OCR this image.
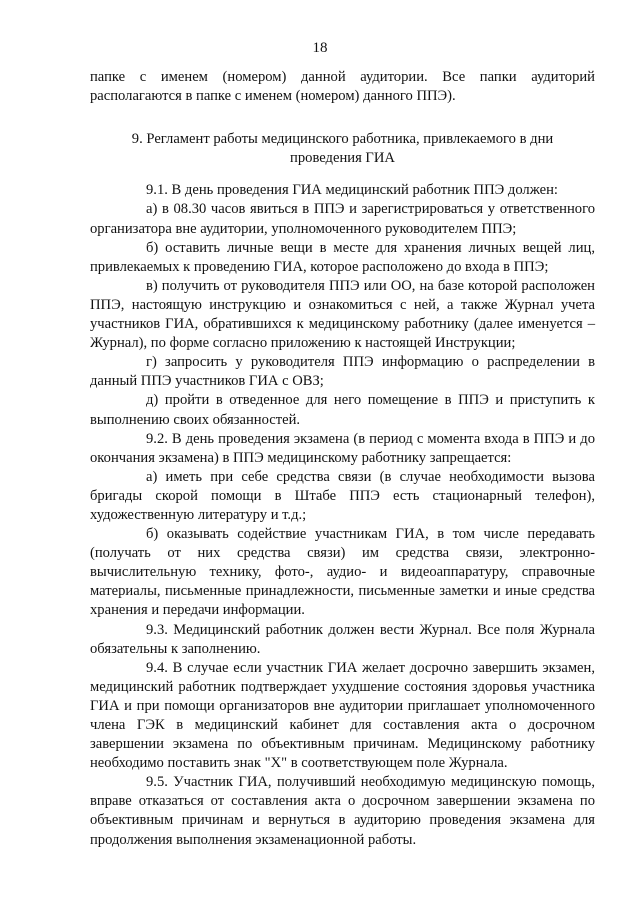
18

папке с именем (номером) данной аудитории. Все папки аудиторий располагаются в папке с именем (номером) данного ППЭ).

9. Регламент работы медицинского работника, привлекаемого в дни проведения ГИА

9.1. В день проведения ГИА медицинский работник ППЭ должен:

а) в 08.30 часов явиться в ППЭ и зарегистрироваться у ответственного организатора вне аудитории, уполномоченного руководителем ППЭ;

б) оставить личные вещи в месте для хранения личных вещей лиц, привлекаемых к проведению ГИА, которое расположено до входа в ППЭ;

в) получить от руководителя ППЭ или ОО, на базе которой расположен ППЭ, настоящую инструкцию и ознакомиться с ней, а также Журнал учета участников ГИА, обратившихся к медицинскому работнику (далее именуется – Журнал), по форме согласно приложению к настоящей Инструкции;

г) запросить у руководителя ППЭ информацию о распределении в данный ППЭ участников ГИА с ОВЗ;

д) пройти в отведенное для него помещение в ППЭ и приступить к выполнению своих обязанностей.

9.2. В день проведения экзамена (в период с момента входа в ППЭ и до окончания экзамена) в ППЭ медицинскому работнику запрещается:

а) иметь при себе средства связи (в случае необходимости вызова бригады скорой помощи в Штабе ППЭ есть стационарный телефон), художественную литературу и т.д.;

б) оказывать содействие участникам ГИА, в том числе передавать (получать от них средства связи) им средства связи, электронно-вычислительную технику, фото-, аудио- и видеоаппаратуру, справочные материалы, письменные принадлежности, письменные заметки и иные средства хранения и передачи информации.

9.3. Медицинский работник должен вести Журнал. Все поля Журнала обязательны к заполнению.

9.4. В случае если участник ГИА желает досрочно завершить экзамен, медицинский работник подтверждает ухудшение состояния здоровья участника ГИА и при помощи организаторов вне аудитории приглашает уполномоченного члена ГЭК в медицинский кабинет для составления акта о досрочном завершении экзамена по объективным причинам. Медицинскому работнику необходимо поставить знак "X" в соответствующем поле Журнала.

9.5. Участник ГИА, получивший необходимую медицинскую помощь, вправе отказаться от составления акта о досрочном завершении экзамена по объективным причинам и вернуться в аудиторию проведения экзамена для продолжения выполнения экзаменационной работы.
